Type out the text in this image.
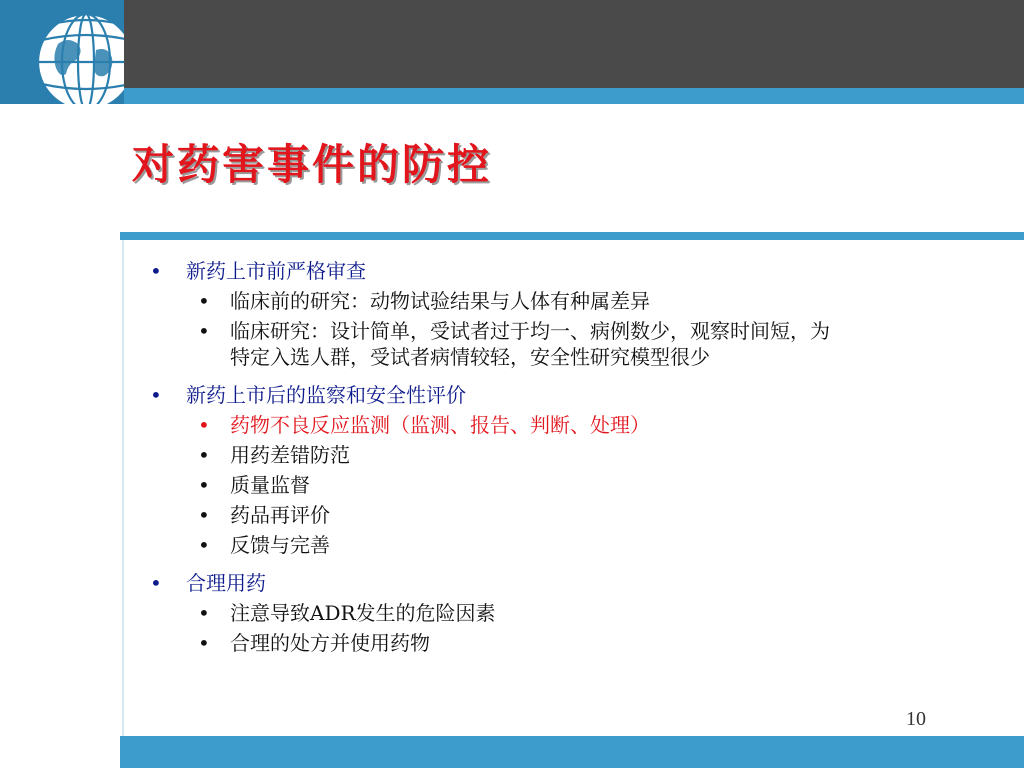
对药害事件的防控
• 新药上市前严格审查
• 临床前的研究：动物试验结果与人体有种属差异
• 临床研究：设计简单，受试者过于均一、病例数少，观察时间短，为特定入选人群，受试者病情较轻，安全性研究模型很少
• 新药上市后的监察和安全性评价
• 药物不良反应监测（监测、报告、判断、处理）
• 用药差错防范
• 质量监督
• 药品再评价
• 反馈与完善
• 合理用药
• 注意导致ADR发生的危险因素
• 合理的处方并使用药物
10
